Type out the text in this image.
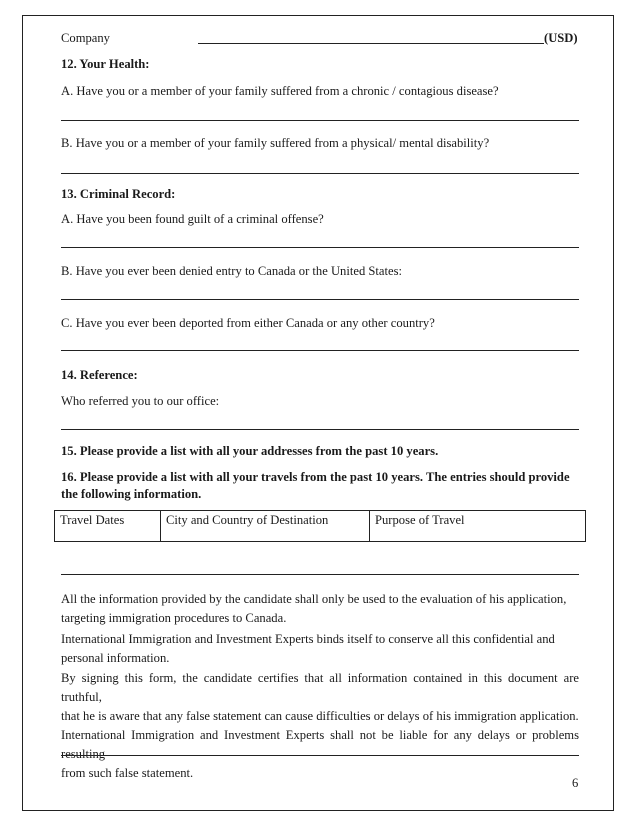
Company	(USD)
12. Your Health:
A. Have you or a member of your family suffered from a chronic / contagious disease?
B. Have you or a member of your family suffered from a physical/ mental disability?
13. Criminal Record:
A. Have you been found guilt of a criminal offense?
B. Have you ever been denied entry to Canada or the United States:
C. Have you ever been deported from either Canada or any other country?
14. Reference:
Who referred you to our office:
15. Please provide a list with all your addresses from the past 10 years.
16. Please provide a list with all your travels from the past 10 years. The entries should provide
the following information.
Travel Dates	City and Country of Destination	Purpose of Travel
All the information provided by the candidate shall only be used to the evaluation of his application,
targeting immigration procedures to Canada.
International Immigration and Investment Experts binds itself to conserve all this confidential and
personal information.
By signing this form, the candidate certifies that all information contained in this document are truthful,
that he is aware that any false statement can cause difficulties or delays of his immigration application.
International Immigration and Investment Experts shall not be liable for any delays or problems resulting
from such false statement.
6
